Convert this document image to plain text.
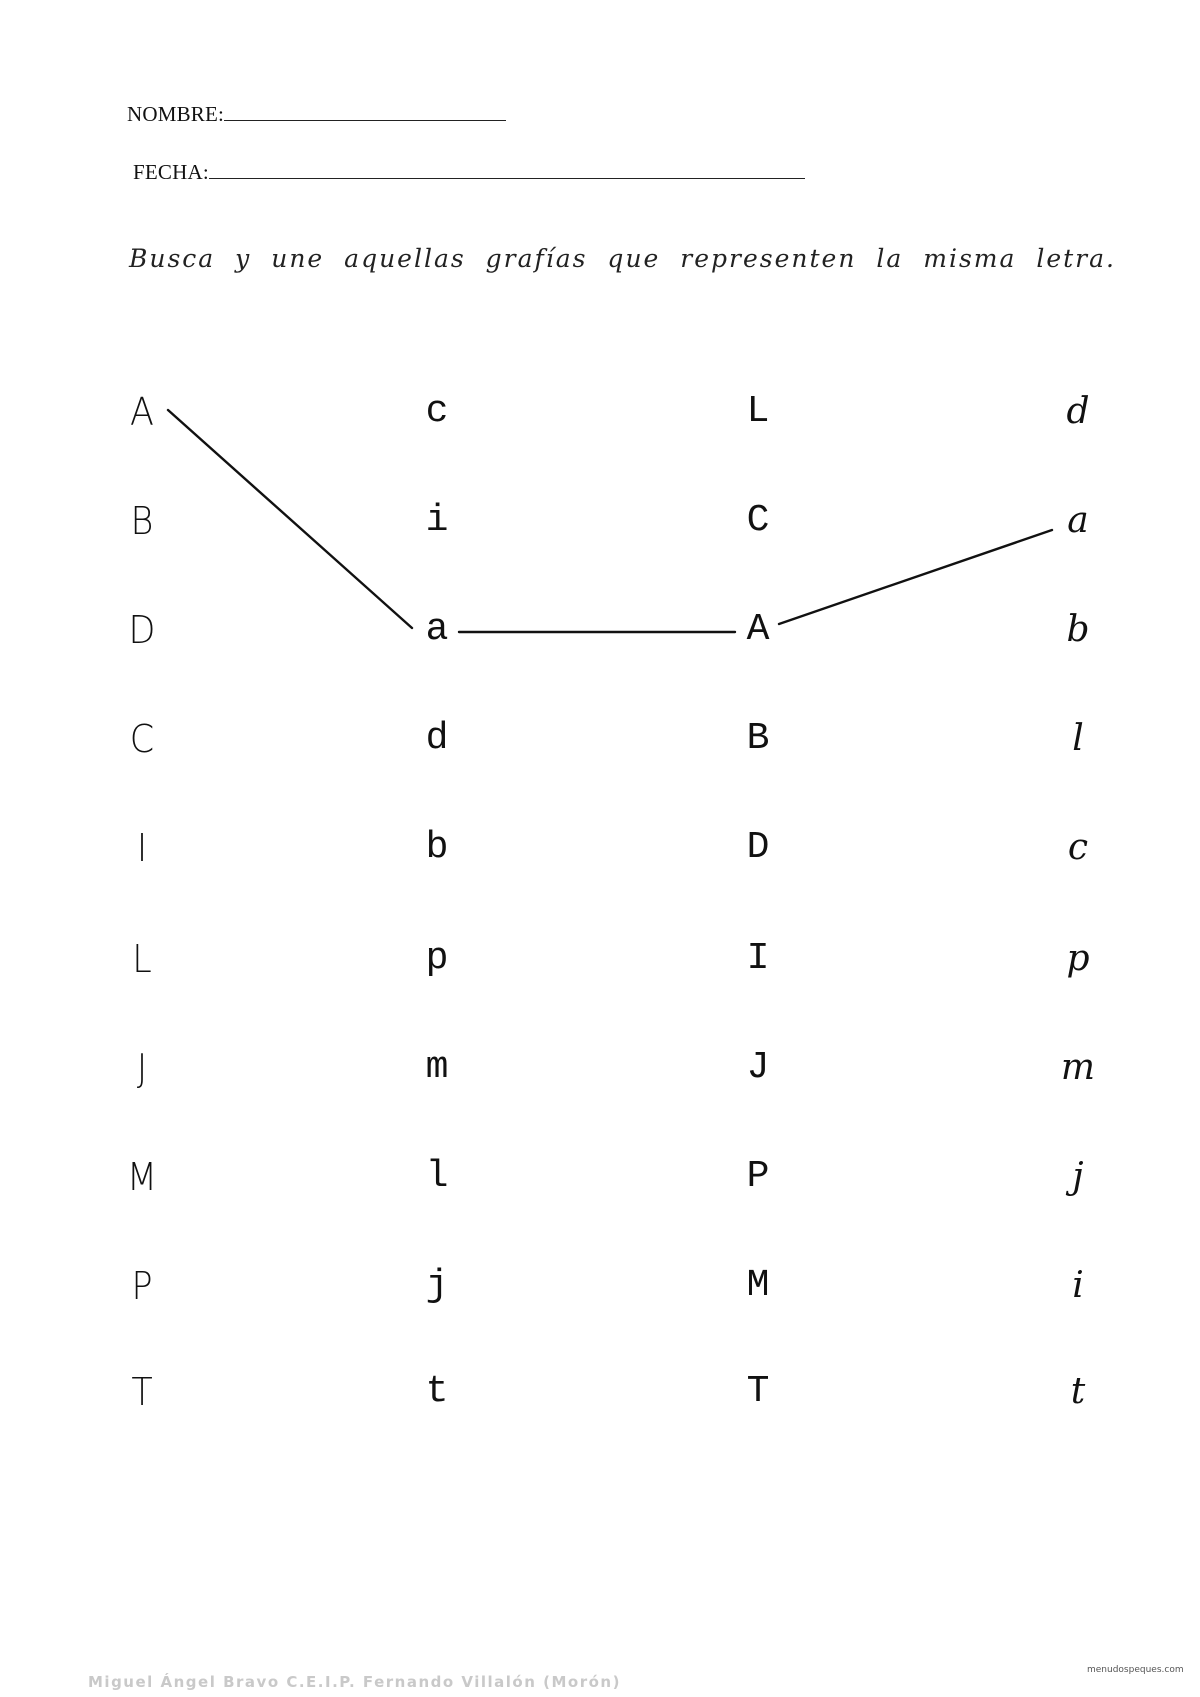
NOMBRE:
FECHA:
Busca y une aquellas grafías que representen la misma letra.
A
B
D
C
I
L
J
M
P
T
c
i
a
d
b
p
m
l
j
t
L
C
A
B
D
I
J
P
M
T
d
a
b
l
c
p
m
j
i
t
Miguel Ángel Bravo C.E.I.P. Fernando Villalón (Morón)
menudospeques.com
